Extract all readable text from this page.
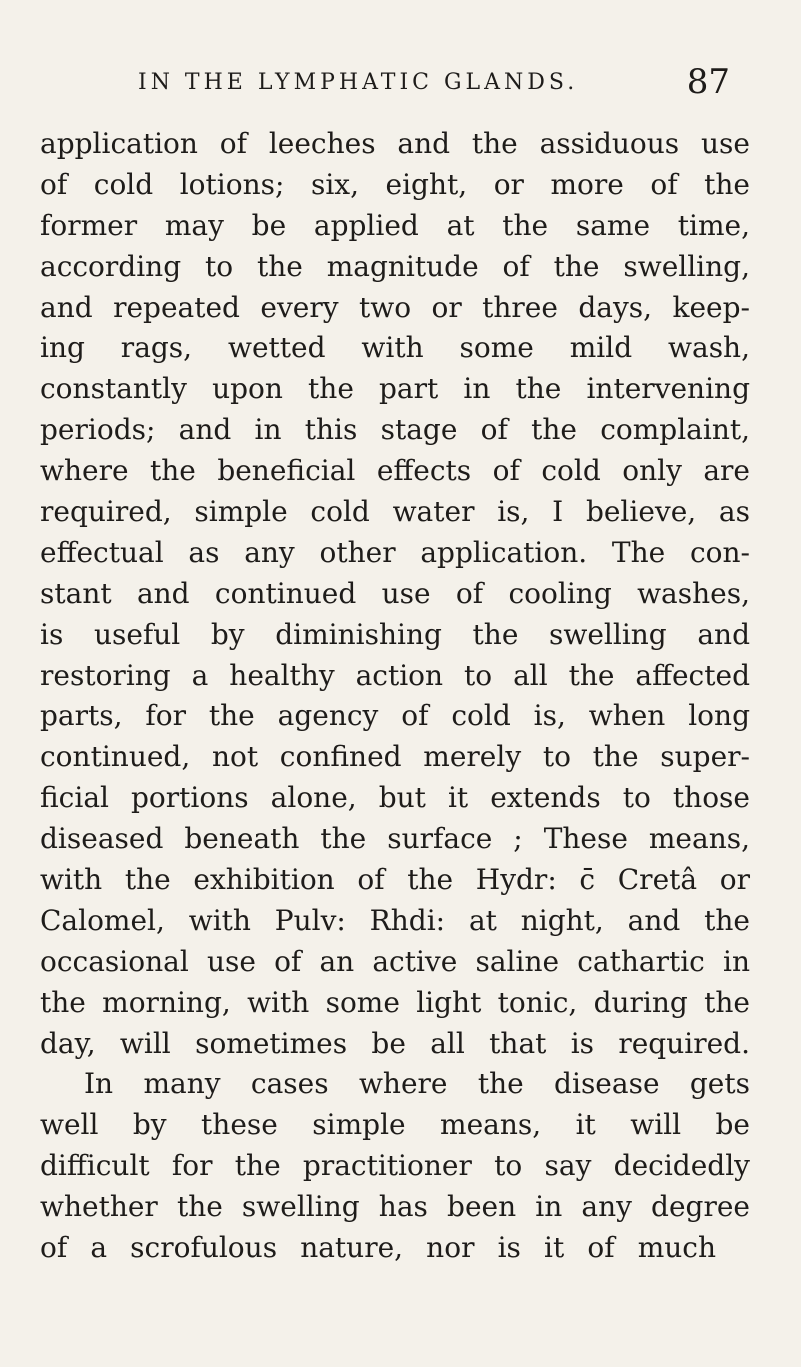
IN THE LYMPHATIC GLANDS.	87
application of leeches and the assiduous use
of cold lotions; six, eight, or more of the
former may be applied at the same time,
according to the magnitude of the swelling,
and repeated every two or three days, keep-
ing rags, wetted with some mild wash,
constantly upon the part in the intervening
periods; and in this stage of the complaint,
where the beneficial effects of cold only are
required, simple cold water is, I believe, as
effectual as any other application. The con-
stant and continued use of cooling washes,
is useful by diminishing the swelling and
restoring a healthy action to all the affected
parts, for the agency of cold is, when long
continued, not confined merely to the super-
ficial portions alone, but it extends to those
diseased beneath the surface ; These means,
with the exhibition of the Hydr: c̄ Cretâ or
Calomel, with Pulv: Rhdi: at night, and the
occasional use of an active saline cathartic in
the morning, with some light tonic, during the
day, will sometimes be all that is required.
In many cases where the disease gets
well by these simple means, it will be
difficult for the practitioner to say decidedly
whether the swelling has been in any degree
of a scrofulous nature, nor is it of much
